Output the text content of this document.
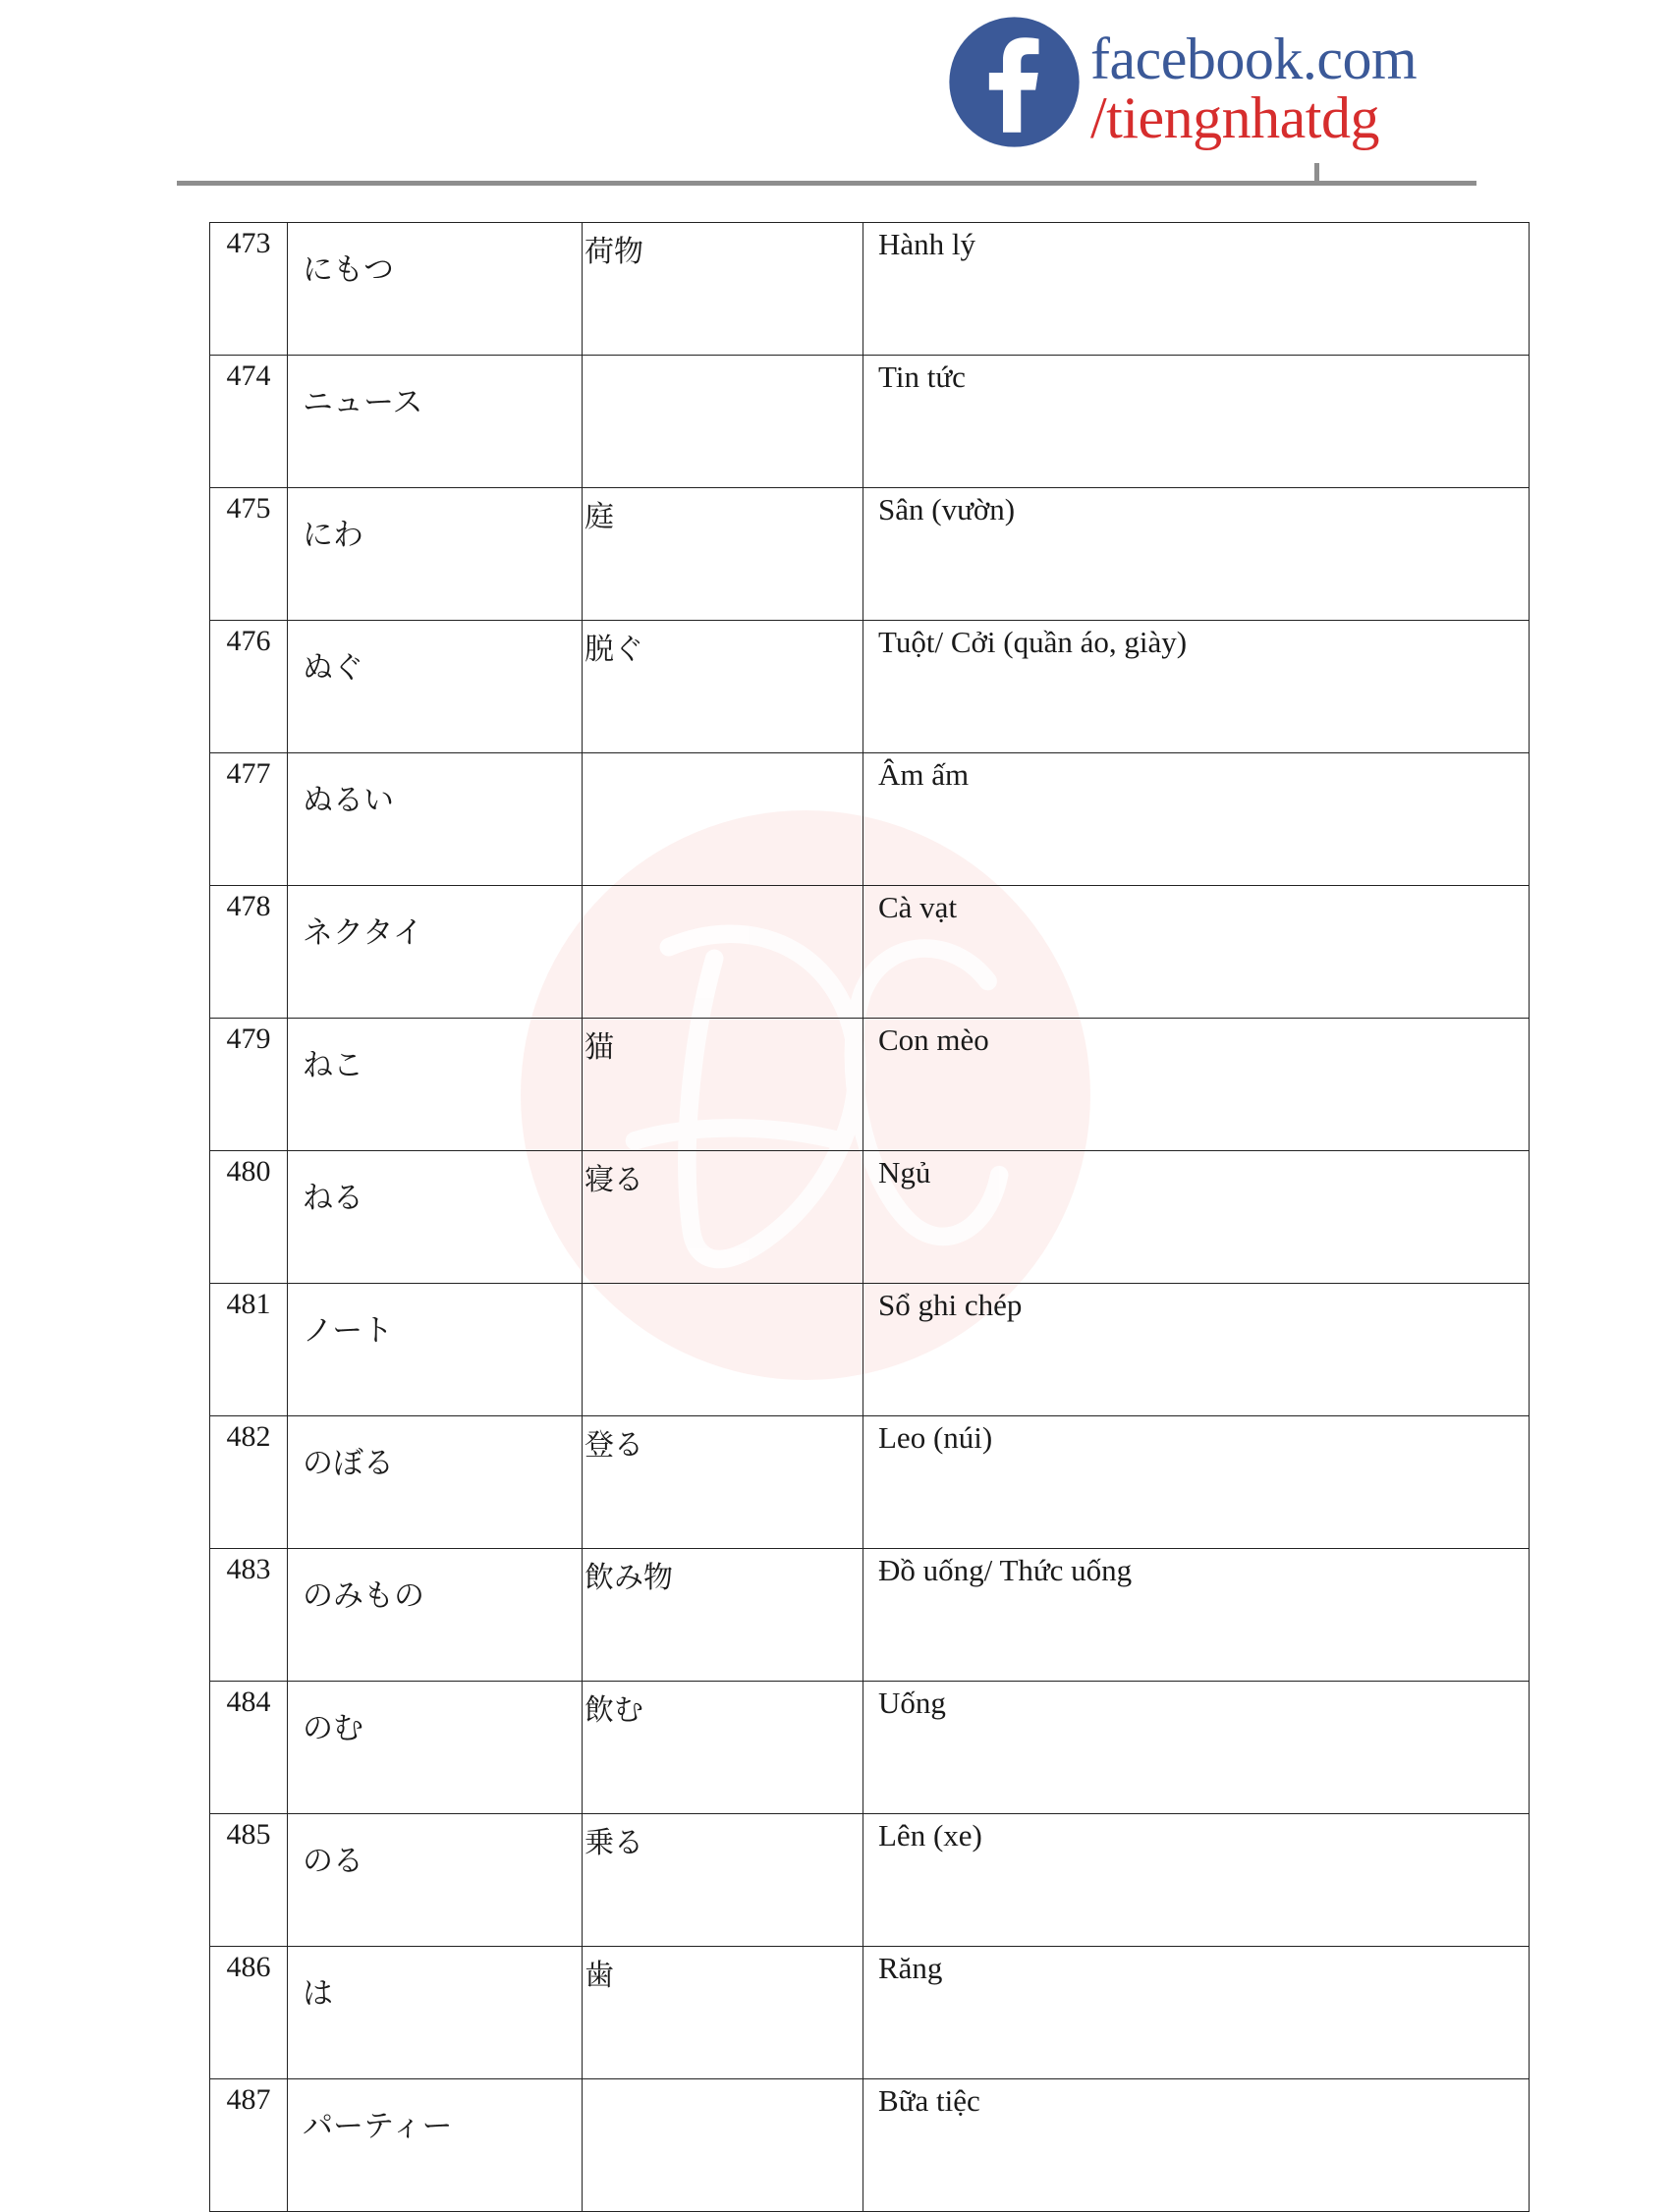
facebook.com
/tiengnhatdg
473	にもつ	荷物	Hành lý
474	ニュース		Tin tức
475	にわ	庭	Sân (vườn)
476	ぬぐ	脱ぐ	Tuột/ Cởi (quần áo, giày)
477	ぬるい		Âm ấm
478	ネクタイ		Cà vạt
479	ねこ	猫	Con mèo
480	ねる	寝る	Ngủ
481	ノート		Sổ ghi chép
482	のぼる	登る	Leo (núi)
483	のみもの	飲み物	Đồ uống/ Thức uống
484	のむ	飲む	Uống
485	のる	乗る	Lên (xe)
486	は	歯	Răng
487	パーティー		Bữa tiệc
